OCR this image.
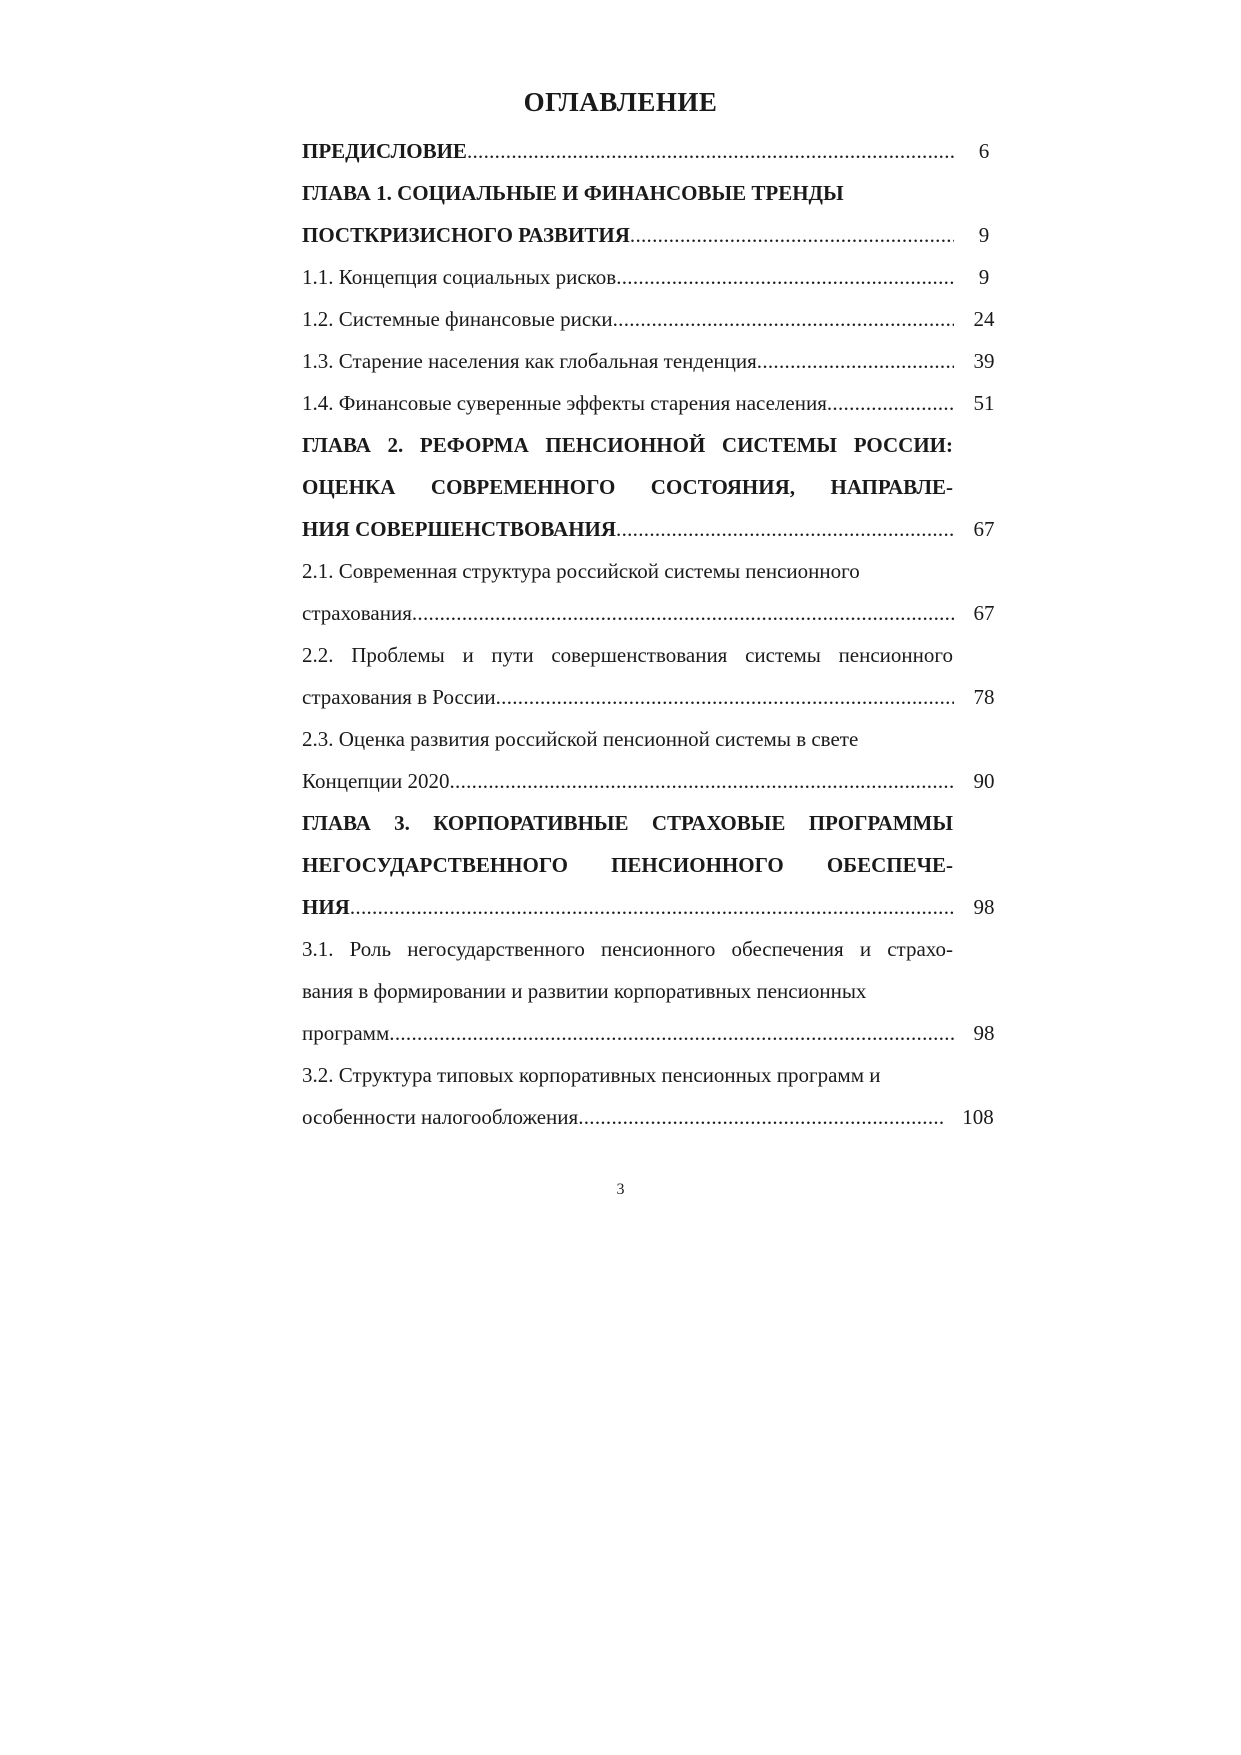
ОГЛАВЛЕНИЕ
ПРЕДИСЛОВИЕ .....	6
ГЛАВА 1. СОЦИАЛЬНЫЕ И ФИНАНСОВЫЕ ТРЕНДЫ
ПОСТКРИЗИСНОГО РАЗВИТИЯ .....	9
1.1. Концепция социальных рисков .....	9
1.2. Системные финансовые риски .....	24
1.3. Старение населения как глобальная тенденция .....	39
1.4. Финансовые суверенные эффекты старения населения .....	51
ГЛАВА 2. РЕФОРМА ПЕНСИОННОЙ СИСТЕМЫ РОССИИ:
ОЦЕНКА СОВРЕМЕННОГО СОСТОЯНИЯ, НАПРАВЛЕ-
НИЯ СОВЕРШЕНСТВОВАНИЯ .....	67
2.1. Современная структура российской системы пенсионного
страхования .....	67
2.2. Проблемы и пути совершенствования системы пенсионного
страхования в России .....	78
2.3. Оценка развития российской пенсионной системы в свете
Концепции 2020 .....	90
ГЛАВА 3. КОРПОРАТИВНЫЕ СТРАХОВЫЕ ПРОГРАММЫ
НЕГОСУДАРСТВЕННОГО ПЕНСИОННОГО ОБЕСПЕЧЕ-
НИЯ .....	98
3.1. Роль негосударственного пенсионного обеспечения и страхо-
вания в формировании и развитии корпоративных пенсионных
программ .....	98
3.2. Структура типовых корпоративных пенсионных программ и
особенности налогообложения .....	108
3
